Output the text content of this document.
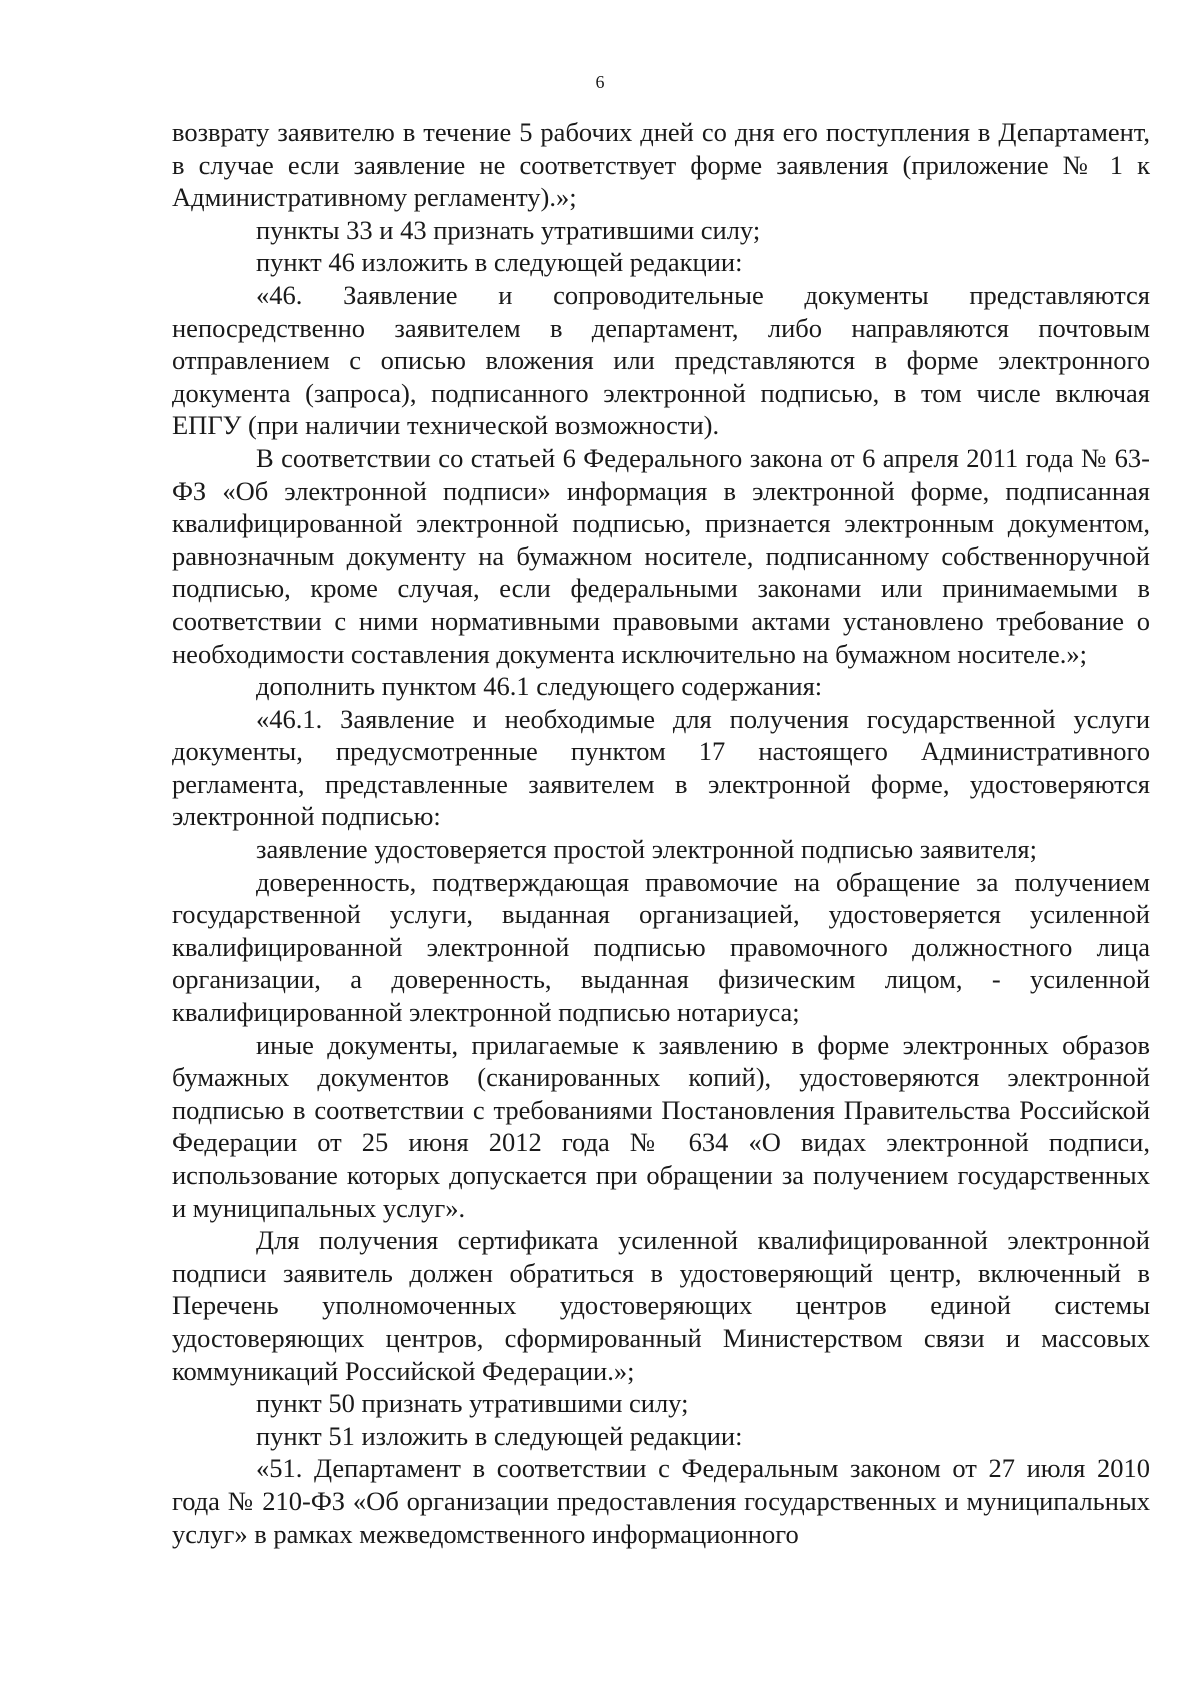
6

возврату заявителю в течение 5 рабочих дней со дня его поступления в Департамент, в случае если заявление не соответствует форме заявления (приложение № 1 к Административному регламенту).»;

пункты 33 и 43 признать утратившими силу;

пункт 46 изложить в следующей редакции:

«46. Заявление и сопроводительные документы представляются непосредственно заявителем в департамент, либо направляются почтовым отправлением с описью вложения или представляются в форме электронного документа (запроса), подписанного электронной подписью, в том числе включая ЕПГУ (при наличии технической возможности).

В соответствии со статьей 6 Федерального закона от 6 апреля 2011 года № 63-ФЗ «Об электронной подписи» информация в электронной форме, подписанная квалифицированной электронной подписью, признается электронным документом, равнозначным документу на бумажном носителе, подписанному собственноручной подписью, кроме случая, если федеральными законами или принимаемыми в соответствии с ними нормативными правовыми актами установлено требование о необходимости составления документа исключительно на бумажном носителе.»;

дополнить пунктом 46.1 следующего содержания:

«46.1. Заявление и необходимые для получения государственной услуги документы, предусмотренные пунктом 17 настоящего Административного регламента, представленные заявителем в электронной форме, удостоверяются электронной подписью:

заявление удостоверяется простой электронной подписью заявителя;

доверенность, подтверждающая правомочие на обращение за получением государственной услуги, выданная организацией, удостоверяется усиленной квалифицированной электронной подписью правомочного должностного лица организации, а доверенность, выданная физическим лицом, - усиленной квалифицированной электронной подписью нотариуса;

иные документы, прилагаемые к заявлению в форме электронных образов бумажных документов (сканированных копий), удостоверяются электронной подписью в соответствии с требованиями Постановления Правительства Российской Федерации от 25 июня 2012 года № 634 «О видах электронной подписи, использование которых допускается при обращении за получением государственных и муниципальных услуг».

Для получения сертификата усиленной квалифицированной электронной подписи заявитель должен обратиться в удостоверяющий центр, включенный в Перечень уполномоченных удостоверяющих центров единой системы удостоверяющих центров, сформированный Министерством связи и массовых коммуникаций Российской Федерации.»;

пункт 50 признать утратившими силу;

пункт 51 изложить в следующей редакции:

«51. Департамент в соответствии с Федеральным законом от 27 июля 2010 года № 210-ФЗ «Об организации предоставления государственных и муниципальных услуг» в рамках межведомственного информационного
